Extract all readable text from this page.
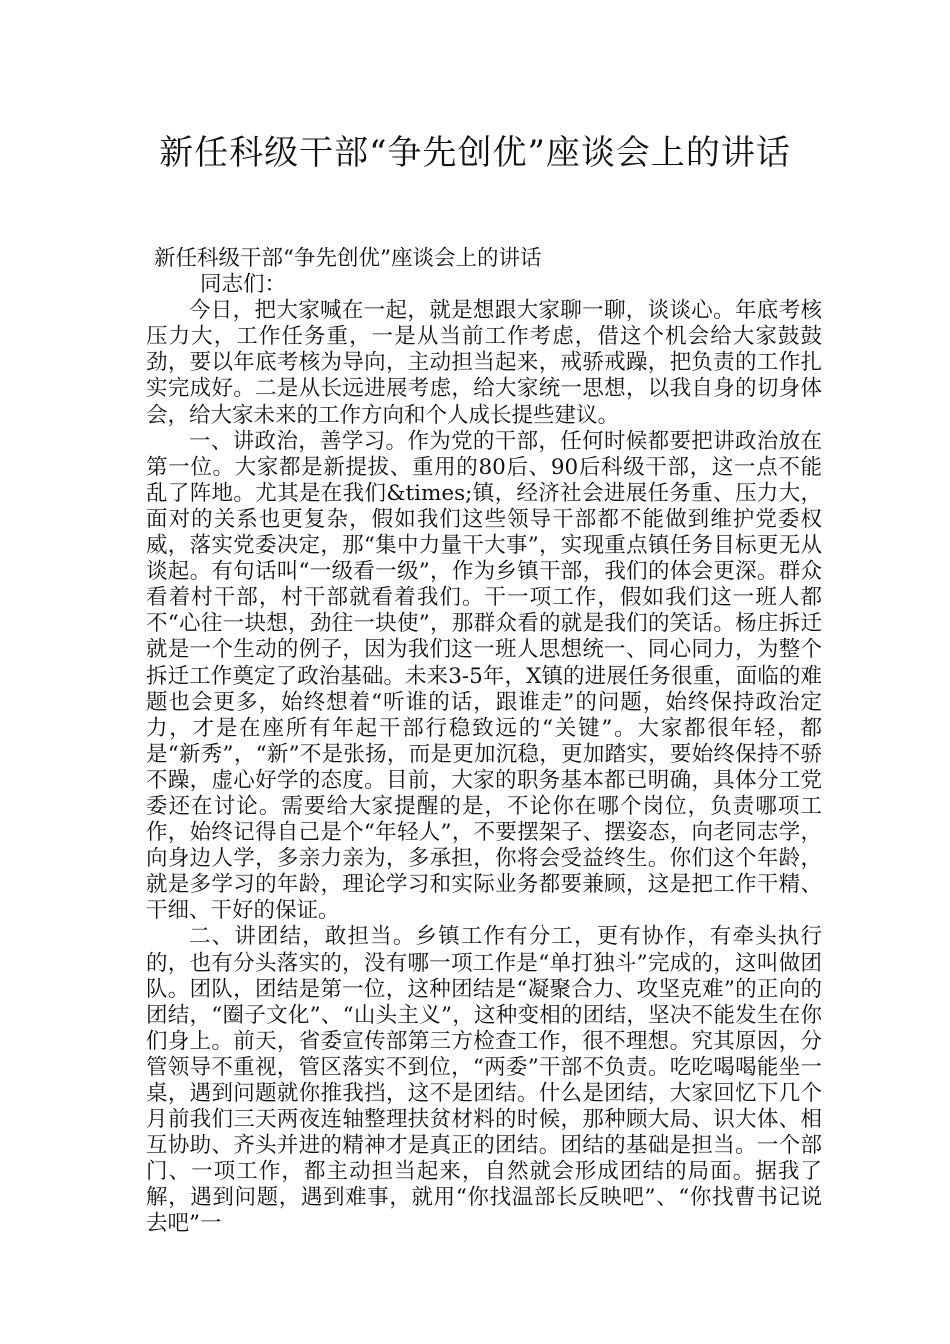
新任科级干部“争先创优”座谈会上的讲话

新任科级干部“争先创优”座谈会上的讲话

同志们：

今日，把大家喊在一起，就是想跟大家聊一聊，谈谈心。年底考核压力大，工作任务重，一是从当前工作考虑，借这个机会给大家鼓鼓劲，要以年底考核为导向，主动担当起来，戒骄戒躁，把负责的工作扎实完成好。二是从长远进展考虑，给大家统一思想，以我自身的切身体会，给大家未来的工作方向和个人成长提些建议。

一、讲政治，善学习。作为党的干部，任何时候都要把讲政治放在第一位。大家都是新提拔、重用的80后、90后科级干部，这一点不能乱了阵地。尤其是在我们&times;镇，经济社会进展任务重、压力大，面对的关系也更复杂，假如我们这些领导干部都不能做到维护党委权威，落实党委决定，那“集中力量干大事”，实现重点镇任务目标更无从谈起。有句话叫“一级看一级”，作为乡镇干部，我们的体会更深。群众看着村干部，村干部就看着我们。干一项工作，假如我们这一班人都不“心往一块想，劲往一块使”，那群众看的就是我们的笑话。杨庄拆迁就是一个生动的例子，因为我们这一班人思想统一、同心同力，为整个拆迁工作奠定了政治基础。未来3-5年，X镇的进展任务很重，面临的难题也会更多，始终想着“听谁的话，跟谁走”的问题，始终保持政治定力，才是在座所有年起干部行稳致远的“关键”。大家都很年轻，都是“新秀”，“新”不是张扬，而是更加沉稳，更加踏实，要始终保持不骄不躁，虚心好学的态度。目前，大家的职务基本都已明确，具体分工党委还在讨论。需要给大家提醒的是，不论你在哪个岗位，负责哪项工作，始终记得自己是个“年轻人”，不要摆架子、摆姿态，向老同志学，向身边人学，多亲力亲为，多承担，你将会受益终生。你们这个年龄，就是多学习的年龄，理论学习和实际业务都要兼顾，这是把工作干精、干细、干好的保证。

二、讲团结，敢担当。乡镇工作有分工，更有协作，有牵头执行的，也有分头落实的，没有哪一项工作是“单打独斗”完成的，这叫做团队。团队，团结是第一位，这种团结是“凝聚合力、攻坚克难”的正向的团结，“圈子文化”、“山头主义”，这种变相的团结，坚决不能发生在你们身上。前天，省委宣传部第三方检查工作，很不理想。究其原因，分管领导不重视，管区落实不到位，“两委”干部不负责。吃吃喝喝能坐一桌，遇到问题就你推我挡，这不是团结。什么是团结，大家回忆下几个月前我们三天两夜连轴整理扶贫材料的时候，那种顾大局、识大体、相互协助、齐头并进的精神才是真正的团结。团结的基础是担当。一个部门、一项工作，都主动担当起来，自然就会形成团结的局面。据我了解，遇到问题，遇到难事，就用“你找温部长反映吧”、“你找曹书记说去吧”一
